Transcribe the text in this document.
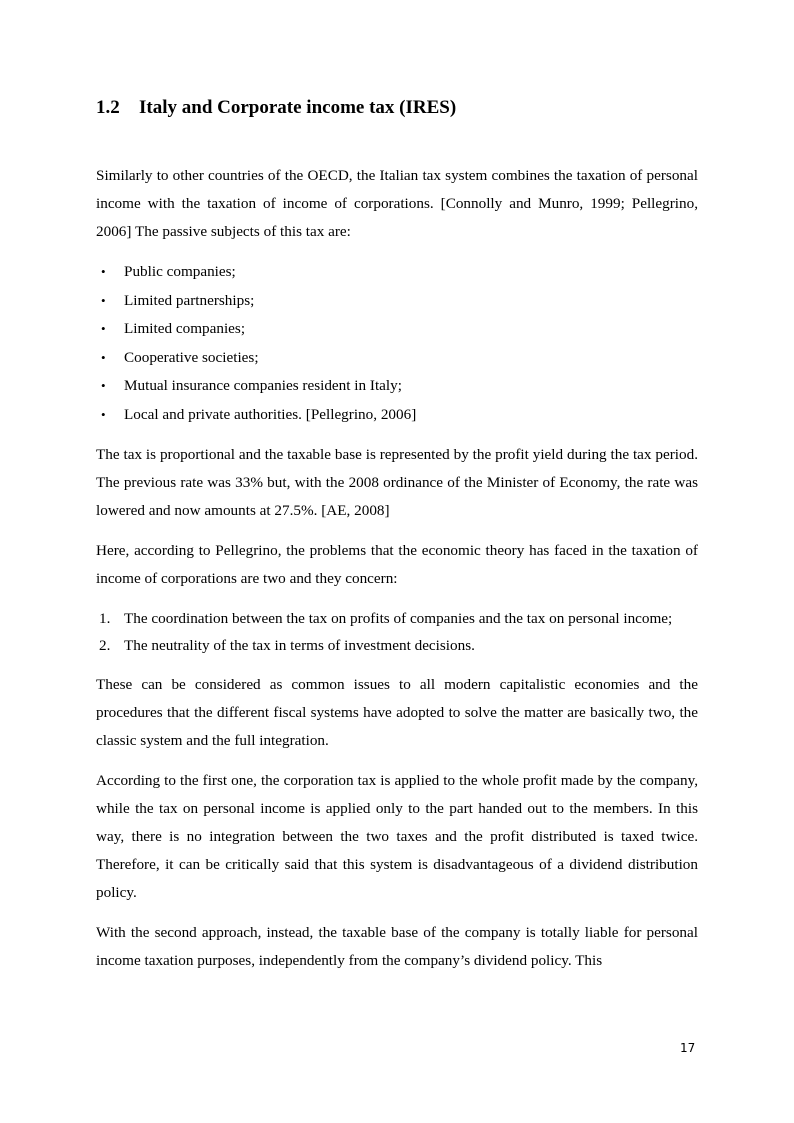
1.2 Italy and Corporate income tax (IRES)

Similarly to other countries of the OECD, the Italian tax system combines the taxation of personal income with the taxation of income of corporations. [Connolly and Munro, 1999; Pellegrino, 2006] The passive subjects of this tax are:

• Public companies;
• Limited partnerships;
• Limited companies;
• Cooperative societies;
• Mutual insurance companies resident in Italy;
• Local and private authorities. [Pellegrino, 2006]

The tax is proportional and the taxable base is represented by the profit yield during the tax period. The previous rate was 33% but, with the 2008 ordinance of the Minister of Economy, the rate was lowered and now amounts at 27.5%. [AE, 2008]

Here, according to Pellegrino, the problems that the economic theory has faced in the taxation of income of corporations are two and they concern:

1. The coordination between the tax on profits of companies and the tax on personal income;
2. The neutrality of the tax in terms of investment decisions.

These can be considered as common issues to all modern capitalistic economies and the procedures that the different fiscal systems have adopted to solve the matter are basically two, the classic system and the full integration.

According to the first one, the corporation tax is applied to the whole profit made by the company, while the tax on personal income is applied only to the part handed out to the members. In this way, there is no integration between the two taxes and the profit distributed is taxed twice. Therefore, it can be critically said that this system is disadvantageous of a dividend distribution policy.

With the second approach, instead, the taxable base of the company is totally liable for personal income taxation purposes, independently from the company’s dividend policy. This

17
